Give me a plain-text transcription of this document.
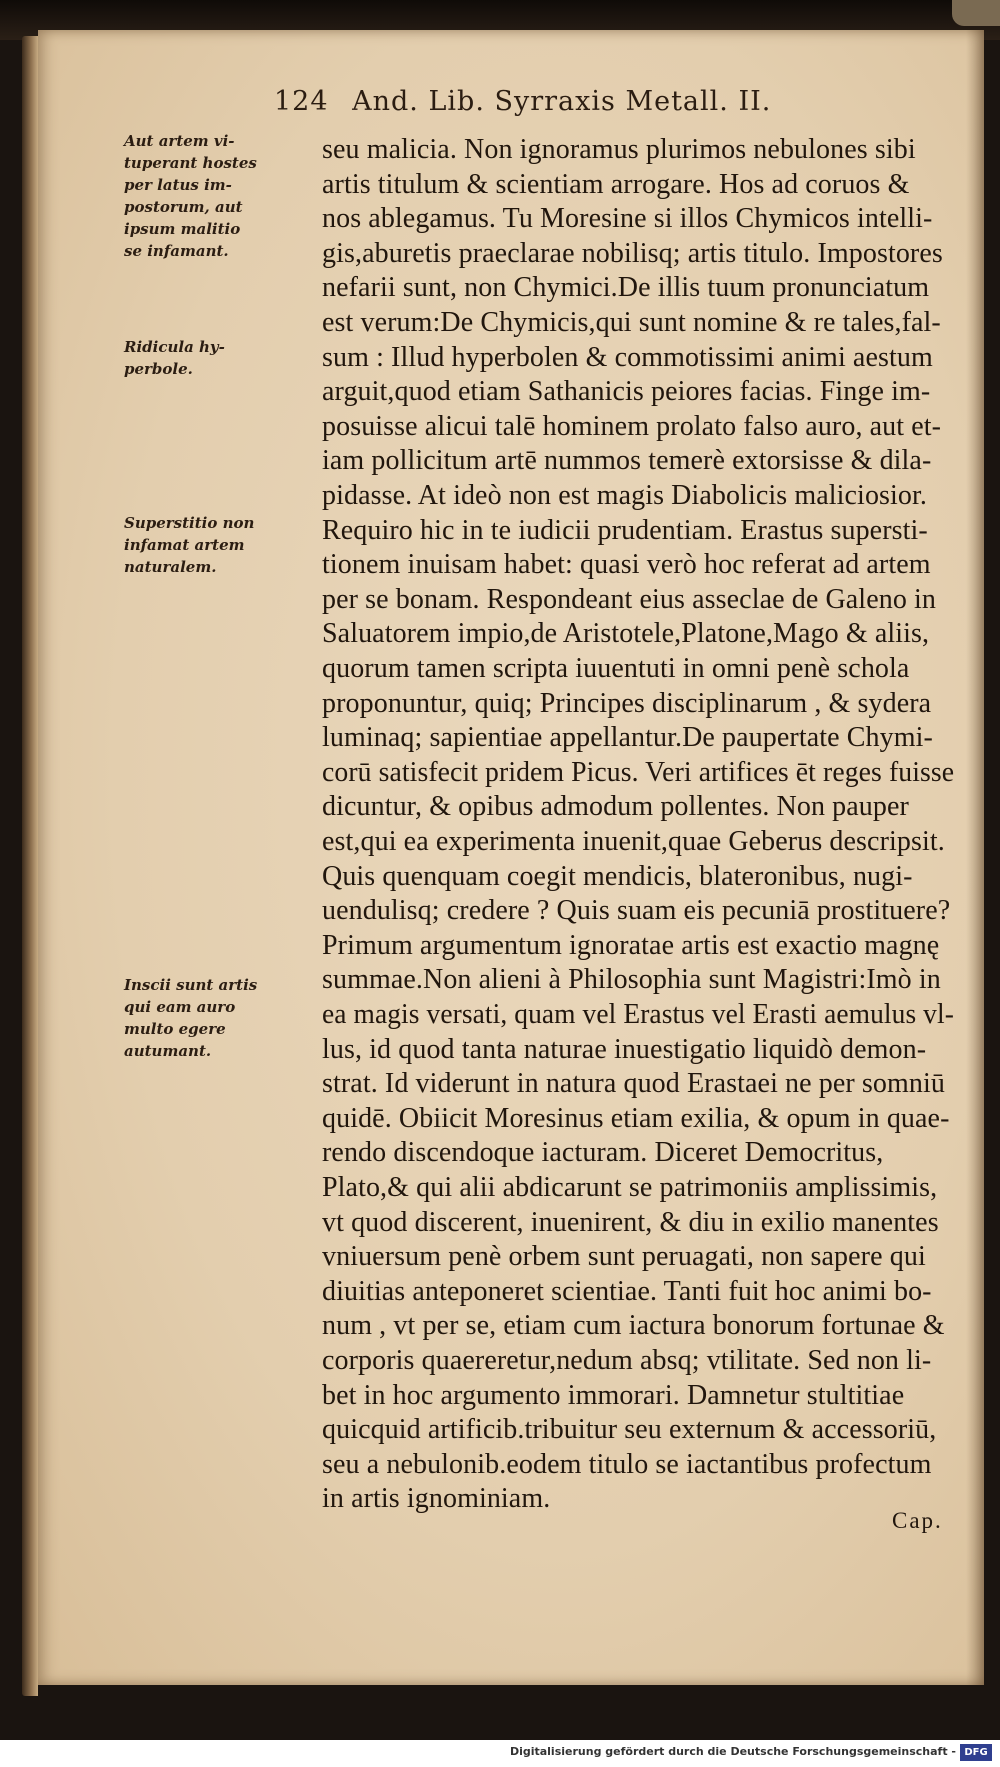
124 And. Lib. Syrraxis Metall. II.
Aut artem vi-
tuperant hostes
per latus im-
postorum, aut
ipsum malitio
se infamant.
Ridicula hy-
perbole.
Superstitio non
infamat artem
naturalem.
Inscii sunt artis
qui eam auro
multo egere
autumant.
seu malicia. Non ignoramus plurimos nebulones sibi
artis titulum & scientiam arrogare. Hos ad coruos &
nos ablegamus. Tu Moresine si illos Chymicos intelli-
gis,aburetis praeclarae nobilisq; artis titulo. Impostores
nefarii sunt, non Chymici.De illis tuum pronunciatum
est verum:De Chymicis,qui sunt nomine & re tales,fal-
sum : Illud hyperbolen & commotissimi animi aestum
arguit,quod etiam Sathanicis peiores facias. Finge im-
posuisse alicui talē hominem prolato falso auro, aut et-
iam pollicitum artē nummos temerè extorsisse & dila-
pidasse. At ideò non est magis Diabolicis maliciosior.
Requiro hic in te iudicii prudentiam. Erastus supersti-
tionem inuisam habet: quasi verò hoc referat ad artem
per se bonam. Respondeant eius asseclae de Galeno in
Saluatorem impio,de Aristotele,Platone,Mago & aliis,
quorum tamen scripta iuuentuti in omni penè schola
proponuntur, quiq; Principes disciplinarum , & sydera
luminaq; sapientiae appellantur.De paupertate Chymi-
corū satisfecit pridem Picus. Veri artifices ēt reges fuisse
dicuntur, & opibus admodum pollentes. Non pauper
est,qui ea experimenta inuenit,quae Geberus descripsit.
Quis quenquam coegit mendicis, blateronibus, nugi-
uendulisq; credere ? Quis suam eis pecuniā prostituere?
Primum argumentum ignoratae artis est exactio magnę
summae.Non alieni à Philosophia sunt Magistri:Imò in
ea magis versati, quam vel Erastus vel Erasti aemulus vl-
lus, id quod tanta naturae inuestigatio liquidò demon-
strat. Id viderunt in natura quod Erastaei ne per somniū
quidē. Obiicit Moresinus etiam exilia, & opum in quae-
rendo discendoque iacturam. Diceret Democritus,
Plato,& qui alii abdicarunt se patrimoniis amplissimis,
vt quod discerent, inuenirent, & diu in exilio manentes
vniuersum penè orbem sunt peruagati, non sapere qui
diuitias anteponeret scientiae. Tanti fuit hoc animi bo-
num , vt per se, etiam cum iactura bonorum fortunae &
corporis quaereretur,nedum absq; vtilitate. Sed non li-
bet in hoc argumento immorari. Damnetur stultitiae
quicquid artificib.tribuitur seu externum & accessoriū,
seu a nebulonib.eodem titulo se iactantibus profectum
in artis ignominiam.
Cap.
Digitalisierung gefördert durch die Deutsche Forschungsgemeinschaft - DFG
